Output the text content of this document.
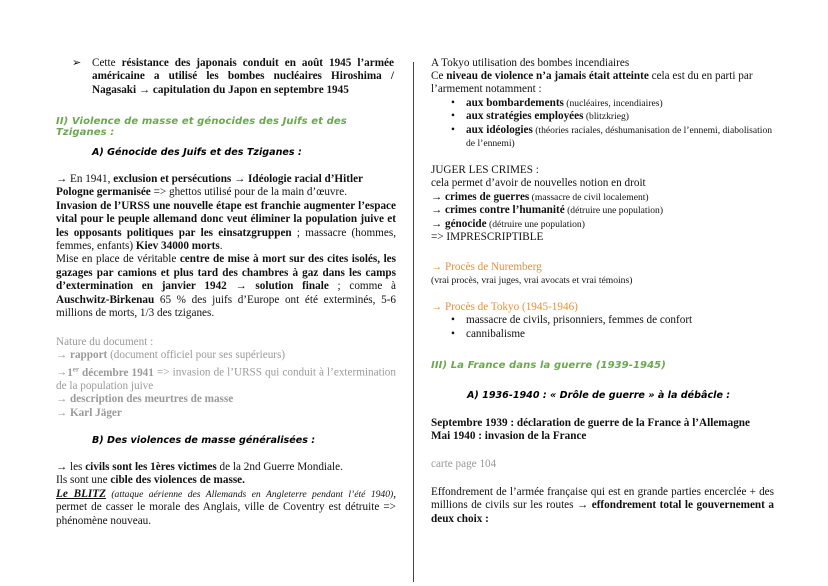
➢ Cette résistance des japonais conduit en août 1945 l’armée américaine a utilisé les bombes nucléaires Hiroshima / Nagasaki → capitulation du Japon en septembre 1945
II) Violence de masse et génocides des Juifs et des Tziganes :
A) Génocide des Juifs et des Tziganes :
→ En 1941, exclusion et persécutions → Idéologie racial d’Hitler
Pologne germanisée => ghettos utilisé pour de la main d’œuvre.
Invasion de l’URSS une nouvelle étape est franchie augmenter l’espace vital pour le peuple allemand donc veut éliminer la population juive et les opposants politiques par les einsatzgruppen ; massacre (hommes, femmes, enfants) Kiev 34000 morts.
Mise en place de véritable centre de mise à mort sur des cites isolés, les gazages par camions et plus tard des chambres à gaz dans les camps d’extermination en janvier 1942 → solution finale ; comme à Auschwitz-Birkenau 65 % des juifs d’Europe ont été exterminés, 5-6 millions de morts, 1/3 des tziganes.
Nature du document :
→ rapport (document officiel pour ses supérieurs)
→1er décembre 1941 => invasion de l’URSS qui conduit à l’extermination de la population juive
→ description des meurtres de masse
→ Karl Jäger
B) Des violences de masse généralisées :
→ les civils sont les 1ères victimes de la 2nd Guerre Mondiale.
Ils sont une cible des violences de masse.
Le BLITZ (attaque aérienne des Allemands en Angleterre pendant l’été 1940), permet de casser le morale des Anglais, ville de Coventry est détruite => phénomène nouveau.
A Tokyo utilisation des bombes incendiaires
Ce niveau de violence n’a jamais était atteinte cela est du en parti par l’armement notamment :
• aux bombardements (nucléaires, incendiaires)
• aux stratégies employées (blitzkrieg)
• aux idéologies (théories raciales, déshumanisation de l’ennemi, diabolisation de l’ennemi)
JUGER LES CRIMES :
cela permet d’avoir de nouvelles notion en droit
→ crimes de guerres (massacre de civil localement)
→ crimes contre l’humanité (détruire une population)
→ génocide (détruire une population)
=> IMPRESCRIPTIBLE
→ Procès de Nuremberg
(vrai procès, vrai juges, vrai avocats et vrai témoins)
→ Procès de Tokyo (1945-1946)
• massacre de civils, prisonniers, femmes de confort
• cannibalisme
III) La France dans la guerre (1939-1945)
A) 1936-1940 : « Drôle de guerre » à la débâcle :
Septembre 1939 : déclaration de guerre de la France à l’Allemagne
Mai 1940 : invasion de la France
carte page 104
Effondrement de l’armée française qui est en grande parties encerclée + des millions de civils sur les routes → effondrement total le gouvernement a deux choix :
